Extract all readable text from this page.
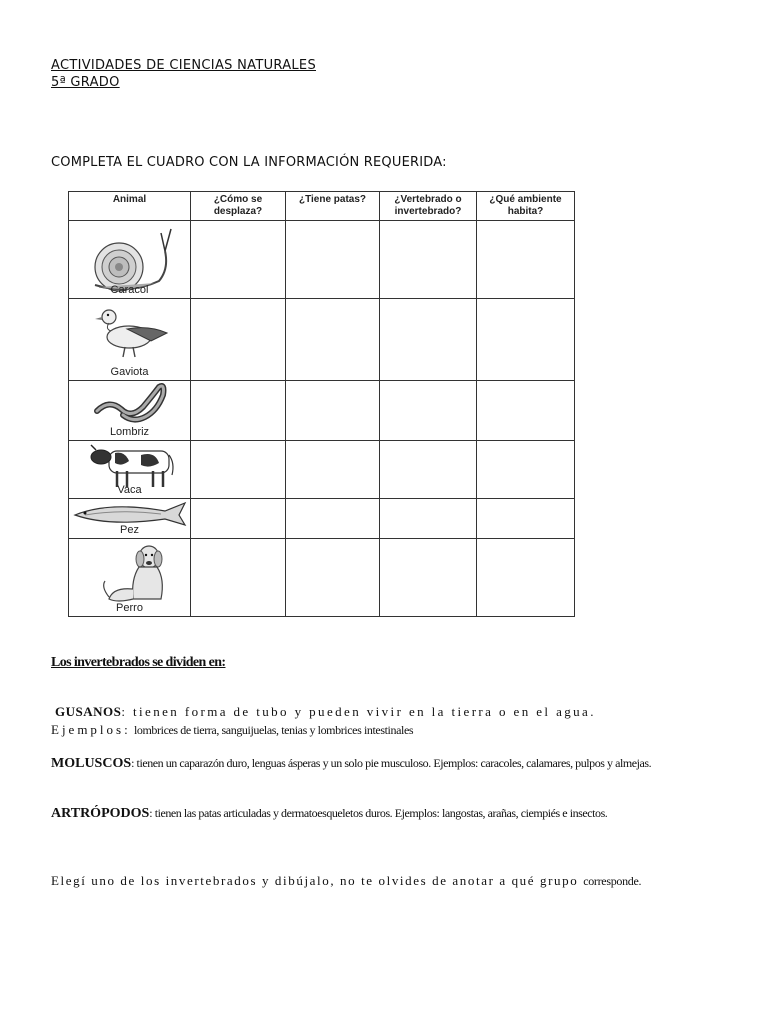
ACTIVIDADES DE CIENCIAS NATURALES
5ª GRADO
COMPLETA EL CUADRO CON LA INFORMACIÓN REQUERIDA:
Animal	¿Cómo se desplaza?	¿Tiene patas?	¿Vertebrado o invertebrado?	¿Qué ambiente habita?

Caracol				

Gaviota				

Lombriz				

Vaca				

Pez				

Perro				

Los invertebrados se dividen en:
GUSANOS: tienen forma de tubo y pueden vivir en la tierra o en el agua.
Ejemplos: lombrices de tierra, sanguijuelas, tenias y lombrices intestinales
MOLUSCOS: tienen un caparazón duro, lenguas ásperas y un solo pie musculoso. Ejemplos: caracoles, calamares, pulpos y almejas.
ARTRÓPODOS: tienen las patas articuladas y dermatoesqueletos duros. Ejemplos: langostas, arañas, ciempiés e insectos.
Elegí uno de los invertebrados y dibújalo, no te olvides de anotar a qué grupo corresponde.
